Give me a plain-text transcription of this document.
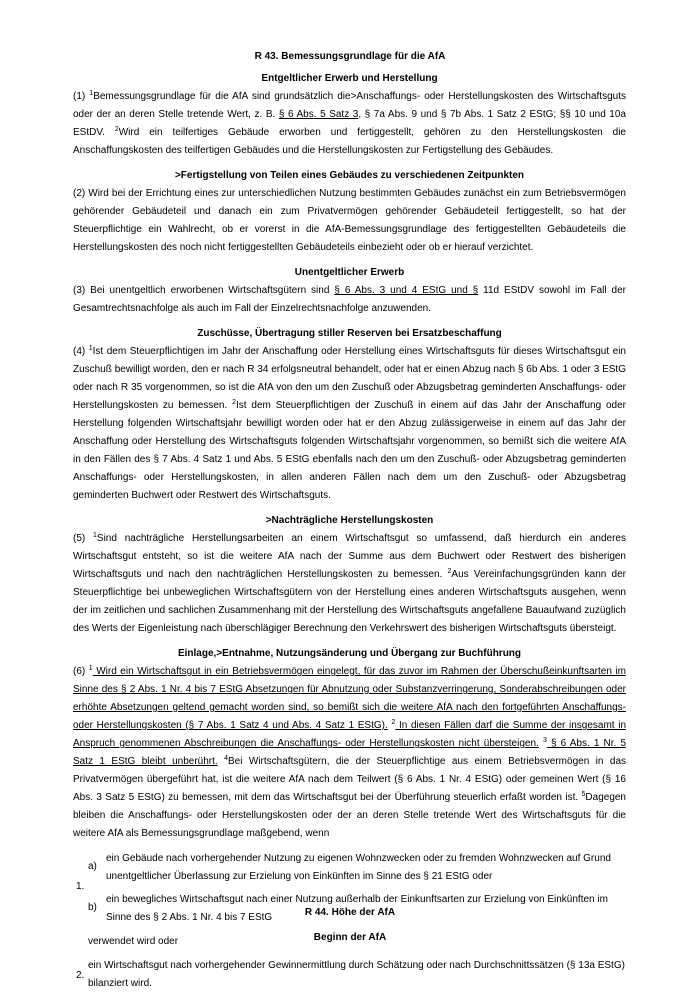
R 43. Bemessungsgrundlage für die AfA

Entgeltlicher Erwerb und Herstellung

(1) $^1$Bemessungsgrundlage für die AfA sind grundsätzlich die>Anschaffungs- oder Herstellungskosten des Wirtschaftsguts oder der an deren Stelle tretende Wert, z. B. § 6 Abs. 5 Satz 3, § 7a Abs. 9 und § 7b Abs. 1 Satz 2 EStG; §§ 10 und 10a EStDV. $^2$Wird ein teilfertiges Gebäude erworben und fertiggestellt, gehören zu den Herstellungskosten die Anschaffungskosten des teilfertigen Gebäudes und die Herstellungskosten zur Fertigstellung des Gebäudes.

>Fertigstellung von Teilen eines Gebäudes zu verschiedenen Zeitpunkten

(2) Wird bei der Errichtung eines zur unterschiedlichen Nutzung bestimmten Gebäudes zunächst ein zum Betriebsvermögen gehörender Gebäudeteil und danach ein zum Privatvermögen gehörender Gebäudeteil fertiggestellt, so hat der Steuerpflichtige ein Wahlrecht, ob er vorerst in die AfA-Bemessungsgrundlage des fertiggestellten Gebäudeteils die Herstellungskosten des noch nicht fertiggestellten Gebäudeteils einbezieht oder ob er hierauf verzichtet.

Unentgeltlicher Erwerb

(3) Bei unentgeltlich erworbenen Wirtschaftsgütern sind § 6 Abs. 3 und 4 EStG und § 11d EStDV sowohl im Fall der Gesamtrechtsnachfolge als auch im Fall der Einzelrechtsnachfolge anzuwenden.

Zuschüsse, Übertragung stiller Reserven bei Ersatzbeschaffung

(4) $^1$Ist dem Steuerpflichtigen im Jahr der Anschaffung oder Herstellung eines Wirtschaftsguts für dieses Wirtschaftsgut ein Zuschuß bewilligt worden, den er nach R 34 erfolgsneutral behandelt, oder hat er einen Abzug nach § 6b Abs. 1 oder 3 EStG oder nach R 35 vorgenommen, so ist die AfA von den um den Zuschuß oder Abzugsbetrag geminderten Anschaffungs- oder Herstellungskosten zu bemessen. $^2$Ist dem Steuerpflichtigen der Zuschuß in einem auf das Jahr der Anschaffung oder Herstellung folgenden Wirtschaftsjahr bewilligt worden oder hat er den Abzug zulässigerweise in einem auf das Jahr der Anschaffung oder Herstellung des Wirtschaftsguts folgenden Wirtschaftsjahr vorgenommen, so bemißt sich die weitere AfA in den Fällen des § 7 Abs. 4 Satz 1 und Abs. 5 EStG ebenfalls nach den um den Zuschuß- oder Abzugsbetrag geminderten Anschaffungs- oder Herstellungskosten, in allen anderen Fällen nach dem um den Zuschuß- oder Abzugsbetrag geminderten Buchwert oder Restwert des Wirtschaftsguts.

>Nachträgliche Herstellungskosten

(5) $^1$Sind nachträgliche Herstellungsarbeiten an einem Wirtschaftsgut so umfassend, daß hierdurch ein anderes Wirtschaftsgut entsteht, so ist die weitere AfA nach der Summe aus dem Buchwert oder Restwert des bisherigen Wirtschaftsguts und nach den nachträglichen Herstellungskosten zu bemessen. $^2$Aus Vereinfachungsgründen kann der Steuerpflichtige bei unbeweglichen Wirtschaftsgütern von der Herstellung eines anderen Wirtschaftsguts ausgehen, wenn der im zeitlichen und sachlichen Zusammenhang mit der Herstellung des Wirtschaftsguts angefallene Bauaufwand zuzüglich des Werts der Eigenleistung nach überschlägiger Berechnung den Verkehrswert des bisherigen Wirtschaftsguts übersteigt.

Einlage,>Entnahme, Nutzungsänderung und Übergang zur Buchführung

(6) $^1$ Wird ein Wirtschaftsgut in ein Betriebsvermögen eingelegt, für das zuvor im Rahmen der Überschußeinkunftsarten im Sinne des § 2 Abs. 1 Nr. 4 bis 7 EStG Absetzungen für Abnutzung oder Substanzverringerung, Sonderabschreibungen oder erhöhte Absetzungen geltend gemacht worden sind, so bemißt sich die weitere AfA nach den fortgeführten Anschaffungs- oder Herstellungskosten (§ 7 Abs. 1 Satz 4 und Abs. 4 Satz 1 EStG). $^2$ In diesen Fällen darf die Summe der insgesamt in Anspruch genommenen Abschreibungen die Anschaffungs- oder Herstellungskosten nicht übersteigen. $^3$ § 6 Abs. 1 Nr. 5 Satz 1 EStG bleibt unberührt. $^4$Bei Wirtschaftsgütern, die der Steuerpflichtige aus einem Betriebsvermögen in das Privatvermögen übergeführt hat, ist die weitere AfA nach dem Teilwert (§ 6 Abs. 1 Nr. 4 EStG) oder gemeinen Wert (§ 16 Abs. 3 Satz 5 EStG) zu bemessen, mit dem das Wirtschaftsgut bei der Überführung steuerlich erfaßt worden ist. $^5$Dagegen bleiben die Anschaffungs- oder Herstellungskosten oder der an deren Stelle tretende Wert des Wirtschaftsguts für die weitere AfA als Bemessungsgrundlage maßgebend, wenn

1.
a)
ein Gebäude nach vorhergehender Nutzung zu eigenen Wohnzwecken oder zu fremden Wohnzwecken auf Grund unentgeltlicher Überlassung zur Erzielung von Einkünften im Sinne des § 21 EStG oder
b)
ein bewegliches Wirtschaftsgut nach einer Nutzung außerhalb der Einkunftsarten zur Erzielung von Einkünften im Sinne des § 2 Abs. 1 Nr. 4 bis 7 EStG
verwendet wird oder
2.
ein Wirtschaftsgut nach vorhergehender Gewinnermittlung durch Schätzung oder nach Durchschnittssätzen (§ 13a EStG) bilanziert wird.
R 44. Höhe der AfA
Beginn der AfA
